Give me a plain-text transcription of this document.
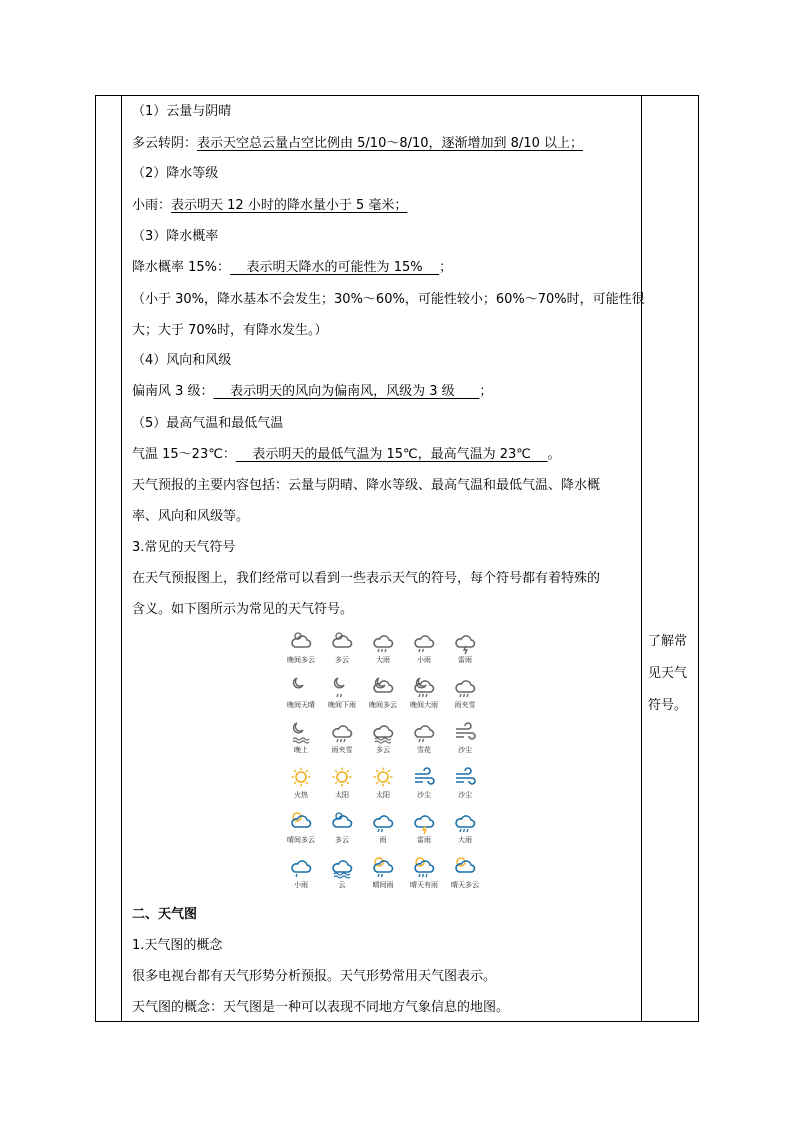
（1）云量与阴晴
多云转阴：表示天空总云量占空比例由 5/10～8/10，逐渐增加到 8/10 以上；
（2）降水等级
小雨：表示明天 12 小时的降水量小于 5 毫米；
（3）降水概率
降水概率 15%：    表示明天降水的可能性为 15%    ；
（小于 30%，降水基本不会发生；30%～60%，可能性较小；60%～70%时，可能性很
大；大于 70%时，有降水发生。）
（4）风向和风级
偏南风 3 级：    表示明天的风向为偏南风，风级为 3 级      ；
（5）最高气温和最低气温
气温 15～23℃：    表示明天的最低气温为 15℃，最高气温为 23℃    。
天气预报的主要内容包括：云量与阴晴、降水等级、最高气温和最低气温、降水概
率、风向和风级等。
3.常见的天气符号
在天气预报图上，我们经常可以看到一些表示天气的符号，每个符号都有着特殊的
含义。如下图所示为常见的天气符号。
了解常
见天气
符号。
晚间多云	多云	大雨	小雨	雷雨
晚间天晴	晚间下雨	晚间多云	晚间大雨	雨夹雪
晚上	雨夹雪	多云	雪花	沙尘
火热	太阳	太阳	沙尘	沙尘
晴间多云	多云	雨	雷雨	大雨
小雨	云	晴间雨	晴天有雨	晴天多云
二、天气图
1.天气图的概念
很多电视台都有天气形势分析预报。天气形势常用天气图表示。
天气图的概念：天气图是一种可以表现不同地方气象信息的地图。
